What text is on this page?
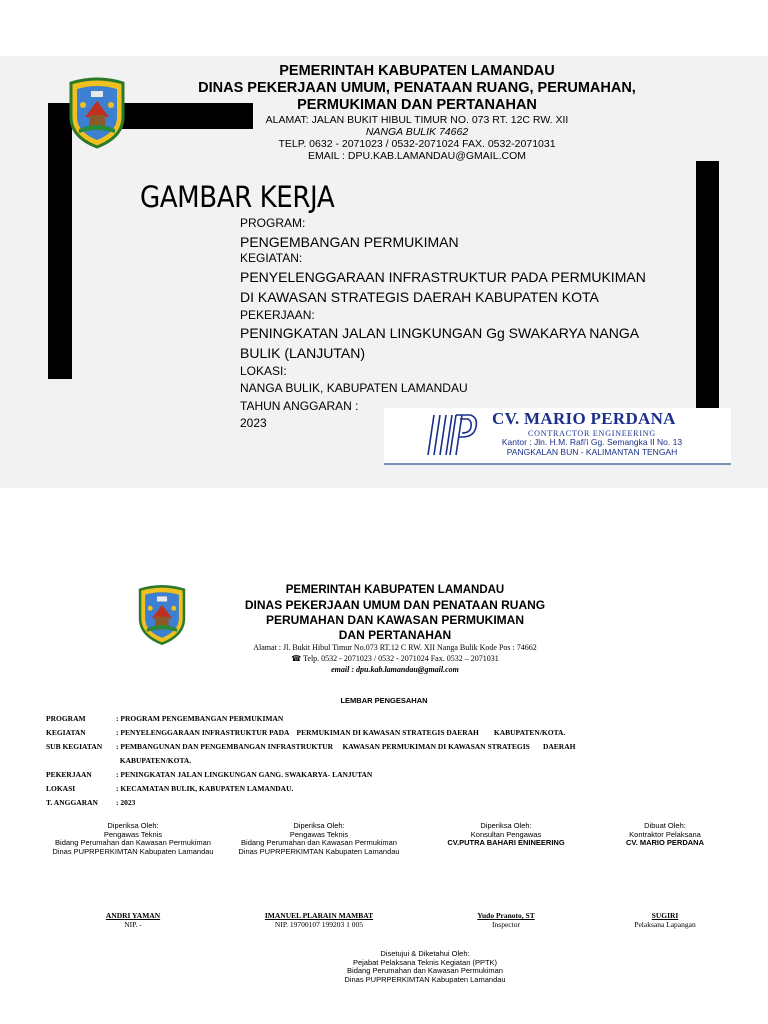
PEMERINTAH KABUPATEN LAMANDAU
DINAS PEKERJAAN UMUM, PENATAAN RUANG, PERUMAHAN,
PERMUKIMAN DAN PERTANAHAN
ALAMAT: JALAN BUKIT HIBUL TIMUR NO. 073 RT. 12C RW. XII
NANGA BULIK 74662
TELP. 0632 - 2071023 / 0532-2071024 FAX. 0532-2071031
EMAIL : DPU.KAB.LAMANDAU@GMAIL.COM
GAMBAR KERJA
PROGRAM:
PENGEMBANGAN PERMUKIMAN
KEGIATAN:
PENYELENGGARAAN INFRASTRUKTUR PADA PERMUKIMAN
DI KAWASAN STRATEGIS DAERAH KABUPATEN KOTA
PEKERJAAN:
PENINGKATAN JALAN LINGKUNGAN Gg SWAKARYA NANGA
BULIK (LANJUTAN)
LOKASI:
NANGA BULIK, KABUPATEN LAMANDAU
TAHUN ANGGARAN :
2023	CV. MARIO PERDANA
CONTRACTOR ENGINEERING
Kantor : Jln. H.M. Rafi'i Gg. Semangka II No. 13
PANGKALAN BUN - KALIMANTAN TENGAH
PEMERINTAH KABUPATEN LAMANDAU
DINAS PEKERJAAN UMUM DAN PENATAAN RUANG
PERUMAHAN DAN KAWASAN PERMUKIMAN
DAN PERTANAHAN
Alamat : Jl. Bukit Hibul Timur No.073 RT.12 C RW. XII Nanga Bulik Kode Pos : 74662
☎ Telp. 0532 - 2071023 / 0532 - 2071024 Fax. 0532 – 2071031
email : dpu.kab.lamandau@gmail.com
LEMBAR PENGESAHAN
PROGRAM	: PROGRAM PENGEMBANGAN PERMUKIMAN
KEGIATAN	: PENYELENGGARAAN INFRASTRUKTUR PADA    PERMUKIMAN DI KAWASAN STRATEGIS DAERAH        KABUPATEN/KOTA.
SUB KEGIATAN : PEMBANGUNAN DAN PENGEMBANGAN INFRASTRUKTUR     KAWASAN PERMUKIMAN DI KAWASAN STRATEGIS       DAERAH
KABUPATEN/KOTA.
PEKERJAAN	: PENINGKATAN JALAN LINGKUNGAN GANG. SWAKARYA- LANJUTAN
LOKASI	: KECAMATAN BULIK, KABUPATEN LAMANDAU.
T. ANGGARAN : 2023
Diperiksa Oleh:
Pengawas Teknis
Bidang Perumahan dan Kawasan Permukiman
Dinas PUPRPERKIMTAN Kabupaten Lamandau
Diperiksa Oleh:
Pengawas Teknis
Bidang Perumahan dan Kawasan Permukiman
Dinas PUPRPERKIMTAN Kabupaten Lamandau
Diperiksa Oleh:
Konsultan Pengawas
CV.PUTRA BAHARI ENINEERING
Dibuat Oleh:
Kontraktor Pelaksana
CV. MARIO PERDANA
ANDRI YAMAN
NIP. -
IMANUEL PLARAIN MAMBAT
NIP. 19700107 199203 1 005
Yudo Pranoto, ST
Inspector
SUGIRI
Pelaksana Lapangan
Disetujui & Diketahui Oleh:
Pejabat Pelaksana Teknis Kegiatan (PPTK)
Bidang Perumahan dan Kawasan Permukiman
Dinas PUPRPERKIMTAN Kabupaten Lamandau
